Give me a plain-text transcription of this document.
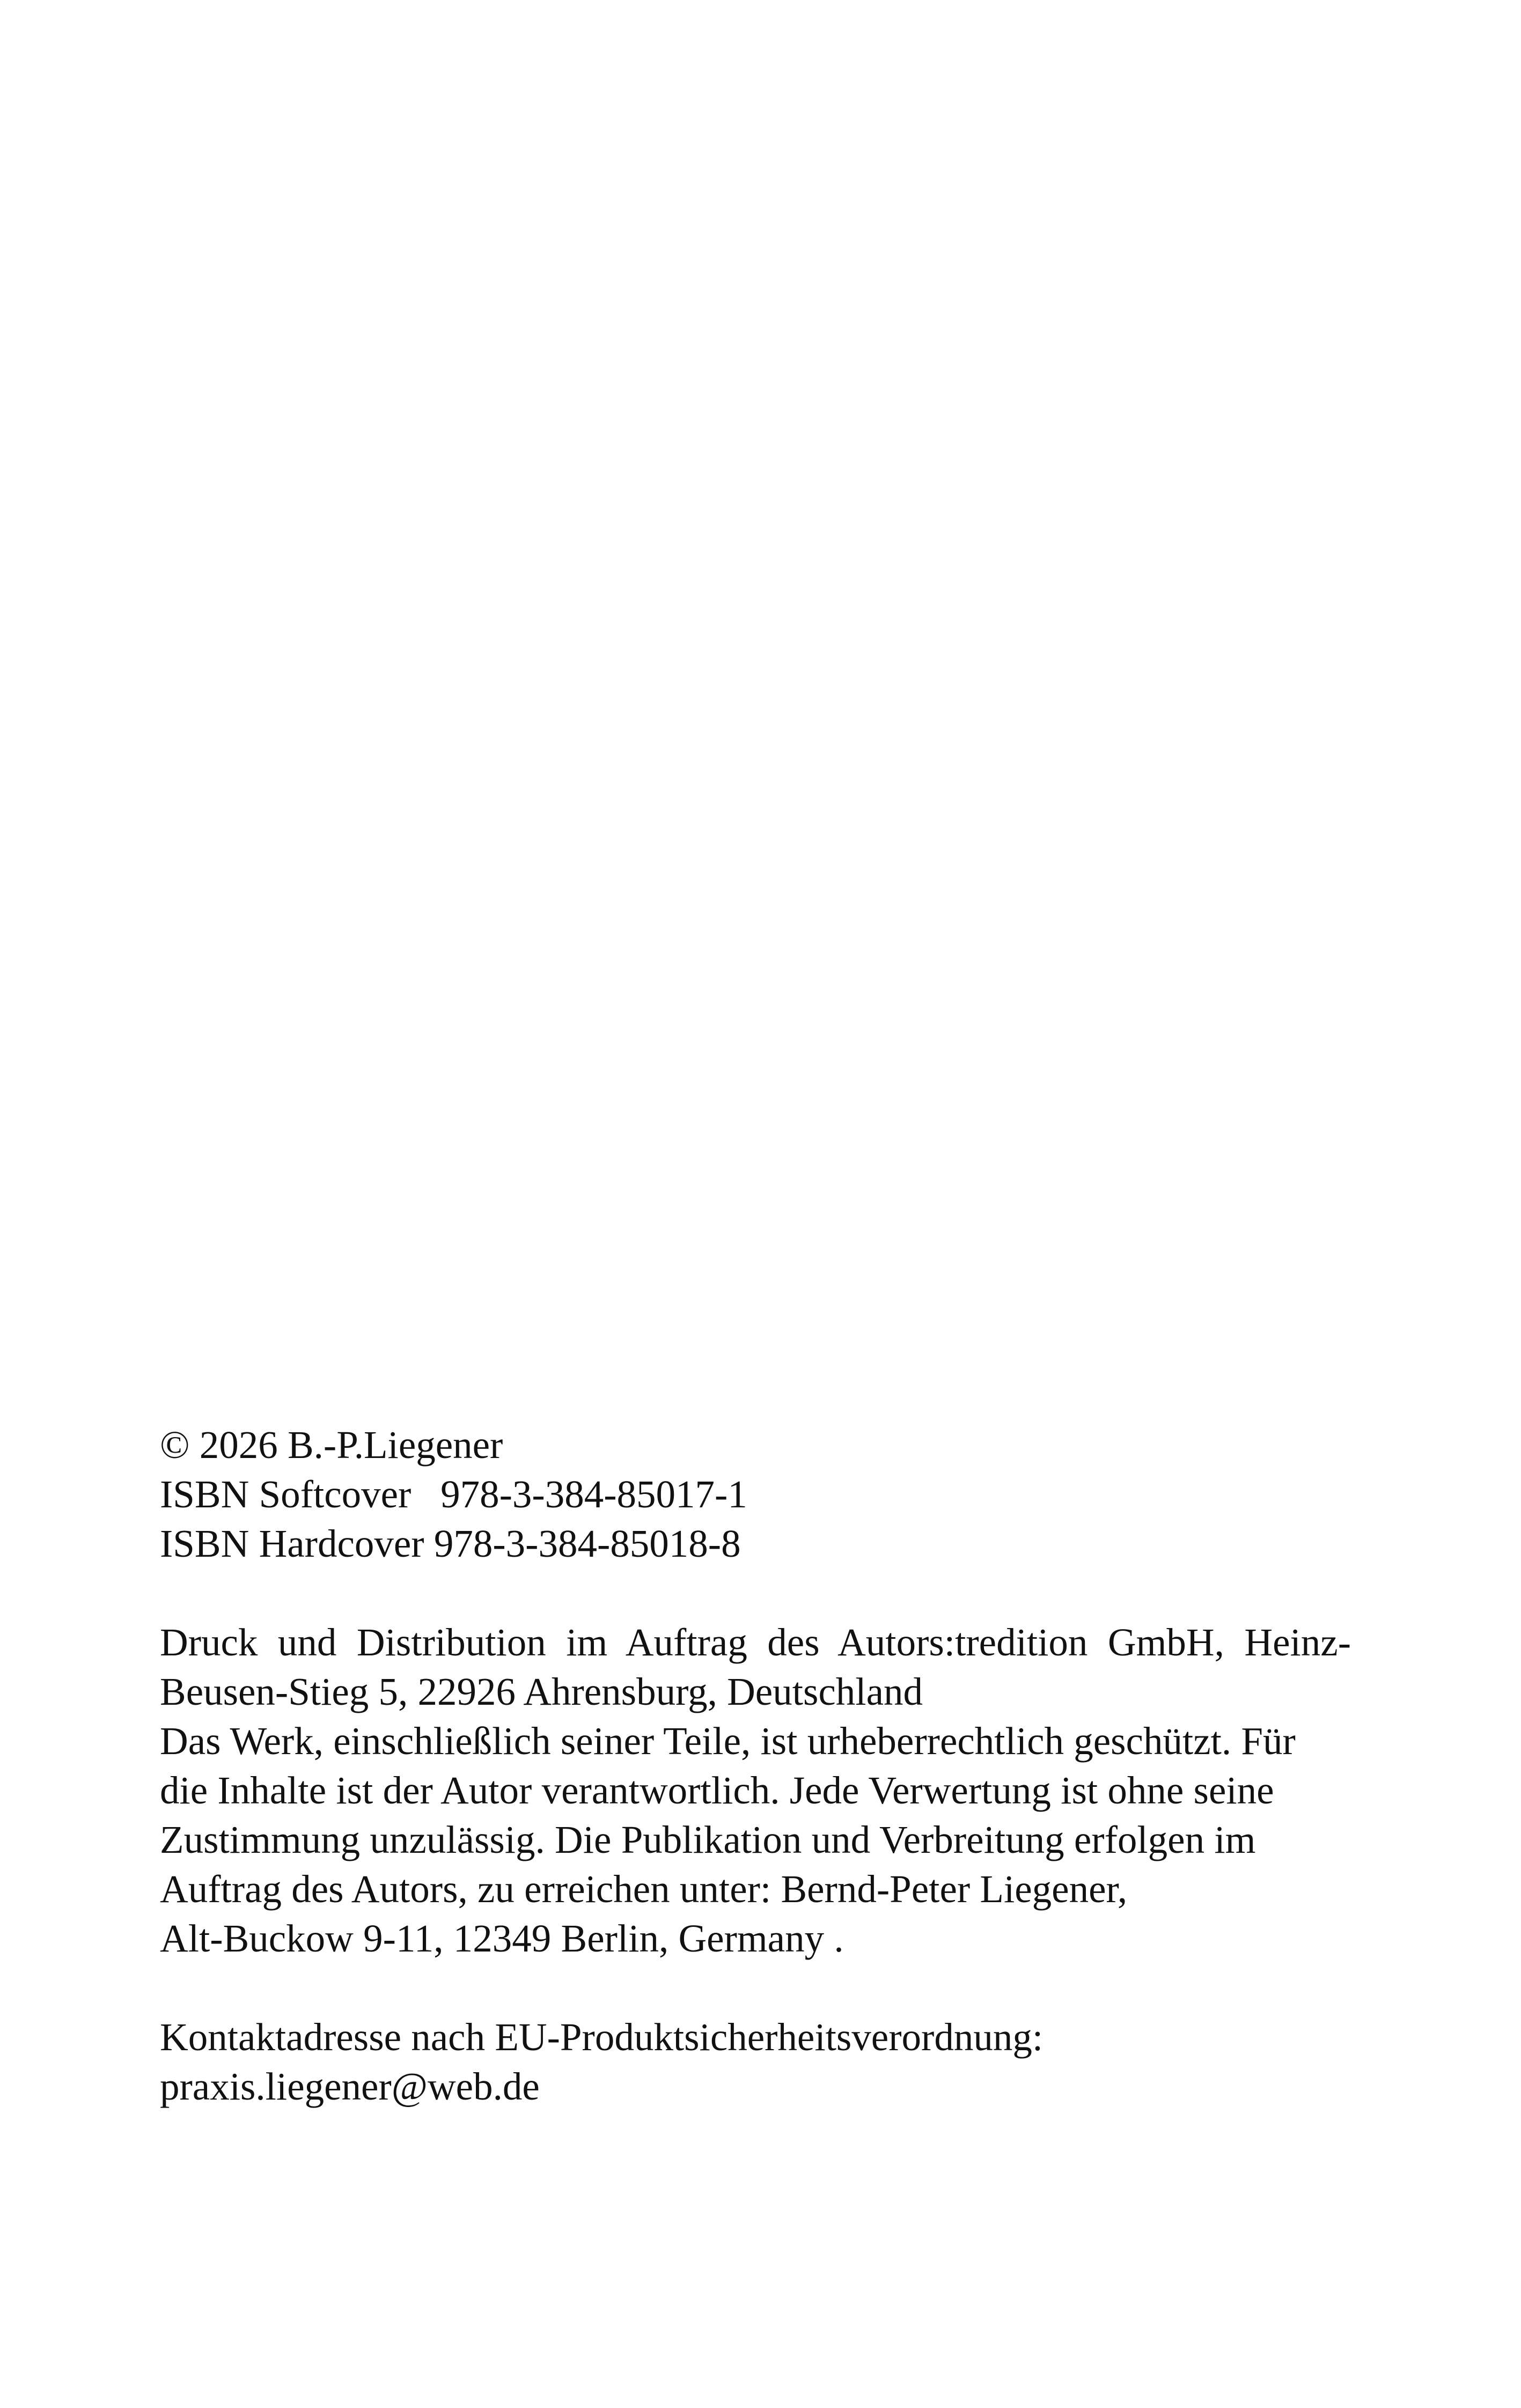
© 2026 B.-P.Liegener
ISBN Softcover   978-3-384-85017-1
ISBN Hardcover 978-3-384-85018-8
Druck und Distribution im Auftrag des Autors:tredition GmbH, Heinz-
Beusen-Stieg 5, 22926 Ahrensburg, Deutschland
Das Werk, einschließlich seiner Teile, ist urheberrechtlich geschützt. Für
die Inhalte ist der Autor verantwortlich. Jede Verwertung ist ohne seine
Zustimmung unzulässig. Die Publikation und Verbreitung erfolgen im
Auftrag des Autors, zu erreichen unter: Bernd-Peter Liegener,
Alt-Buckow 9-11, 12349 Berlin, Germany .
Kontaktadresse nach EU-Produktsicherheitsverordnung:
praxis.liegener@web.de
